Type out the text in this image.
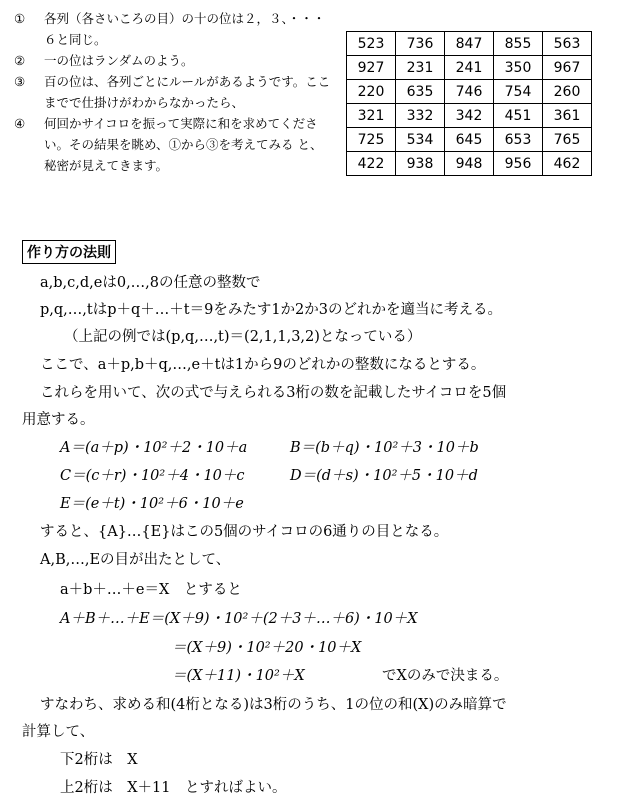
①	各列（各さいころの目）の十の位は２，３、・・・６と同じ。
②	一の位はランダムのよう。
③	百の位は、各列ごとにルールがあるようです。ここまでで仕掛けがわからなかったら、
④	何回かサイコロを振って実際に和を求めてください。その結果を眺め、①から③を考えてみる と、秘密が見えてきます。
523	736	847	855	563
927	231	241	350	967
220	635	746	754	260
321	332	342	451	361
725	534	645	653	765
422	938	948	956	462
作り方の法則
a,b,c,d,eは0,…,8の任意の整数で
p,q,…,tはp＋q＋…＋t＝9をみたす1か2か3のどれかを適当に考える。
（上記の例では(p,q,…,t)＝(2,1,1,3,2)となっている）
ここで、a＋p,b＋q,…,e＋tは1から9のどれかの整数になるとする。
これらを用いて、次の式で与えられる3桁の数を記載したサイコロを5個
用意する。
A＝(a＋p)・10²＋2・10＋a	B＝(b＋q)・10²＋3・10＋b
C＝(c＋r)・10²＋4・10＋c	D＝(d＋s)・10²＋5・10＋d
E＝(e＋t)・10²＋6・10＋e
すると、{A}…{E}はこの5個のサイコロの6通りの目となる。
A,B,…,Eの目が出たとして、
a＋b＋…＋e＝X　とすると
A＋B＋…＋E＝(X＋9)・10²＋(2＋3＋…＋6)・10＋X
＝(X＋9)・10²＋20・10＋X
＝(X＋11)・10²＋X	でXのみで決まる。
すなわち、求める和(4桁となる)は3桁のうち、1の位の和(X)のみ暗算で
計算して、
下2桁は　X
上2桁は　X＋11　とすればよい。
